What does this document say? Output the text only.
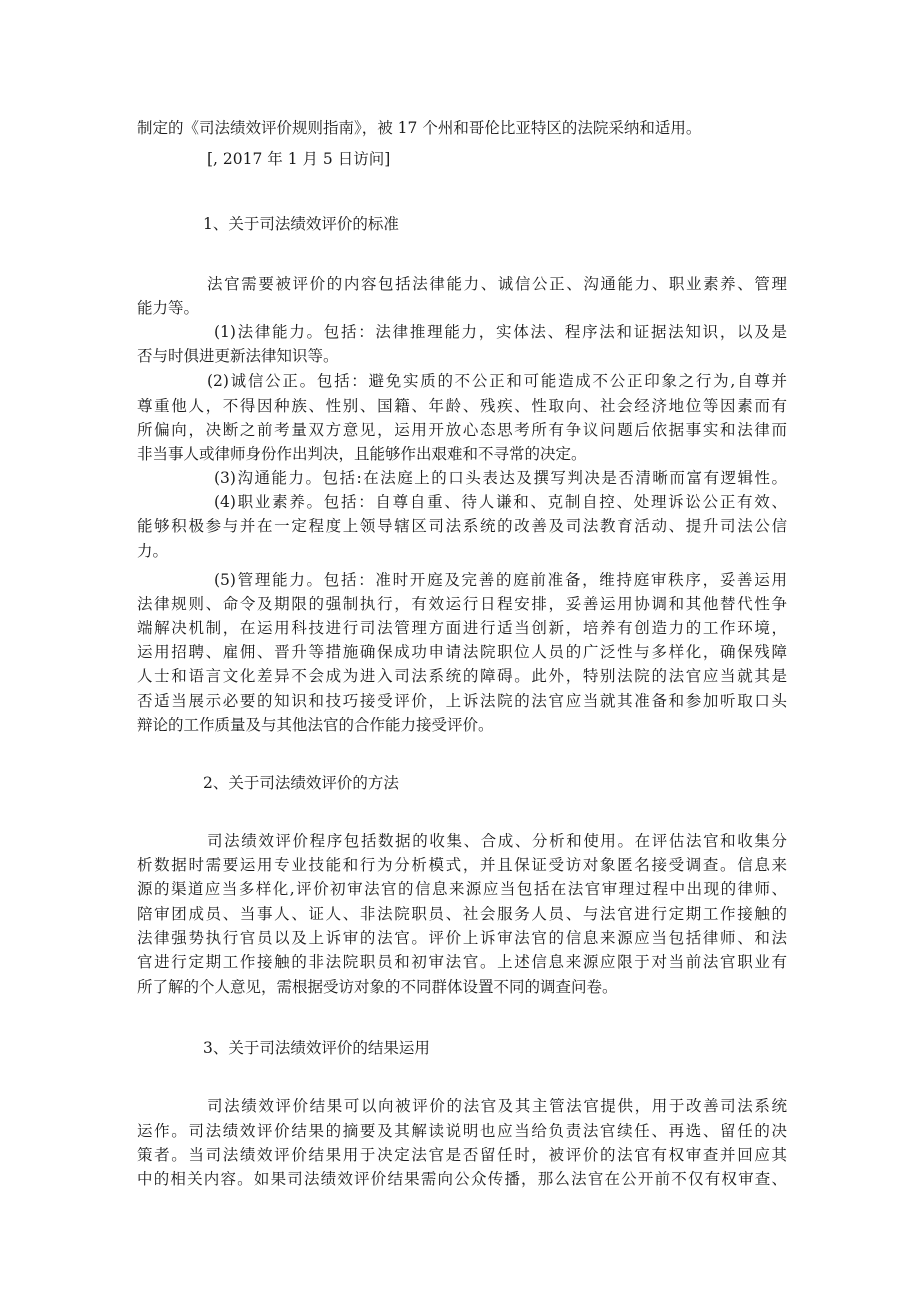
制定的《司法绩效评价规则指南》，被 17 个州和哥伦比亚特区的法院采纳和适用。
[, 2017 年 1 月 5 日访问]
1、关于司法绩效评价的标准
法官需要被评价的内容包括法律能力、诚信公正、沟通能力、职业素养、管理
能力等。
(1)法律能力。包括：法律推理能力，实体法、程序法和证据法知识，以及是
否与时俱进更新法律知识等。
(2)诚信公正。包括：避免实质的不公正和可能造成不公正印象之行为,自尊并
尊重他人，不得因种族、性别、国籍、年龄、残疾、性取向、社会经济地位等因素而有
所偏向，决断之前考量双方意见，运用开放心态思考所有争议问题后依据事实和法律而
非当事人或律师身份作出判决，且能够作出艰难和不寻常的决定。
(3)沟通能力。包括:在法庭上的口头表达及撰写判决是否清晰而富有逻辑性。
(4)职业素养。包括：自尊自重、待人谦和、克制自控、处理诉讼公正有效、
能够积极参与并在一定程度上领导辖区司法系统的改善及司法教育活动、提升司法公信
力。
(5)管理能力。包括：准时开庭及完善的庭前准备，维持庭审秩序，妥善运用
法律规则、命令及期限的强制执行，有效运行日程安排，妥善运用协调和其他替代性争
端解决机制，在运用科技进行司法管理方面进行适当创新，培养有创造力的工作环境，
运用招聘、雇佣、晋升等措施确保成功申请法院职位人员的广泛性与多样化，确保残障
人士和语言文化差异不会成为进入司法系统的障碍。此外，特别法院的法官应当就其是
否适当展示必要的知识和技巧接受评价，上诉法院的法官应当就其准备和参加听取口头
辩论的工作质量及与其他法官的合作能力接受评价。
2、关于司法绩效评价的方法
司法绩效评价程序包括数据的收集、合成、分析和使用。在评估法官和收集分
析数据时需要运用专业技能和行为分析模式，并且保证受访对象匿名接受调查。信息来
源的渠道应当多样化,评价初审法官的信息来源应当包括在法官审理过程中出现的律师、
陪审团成员、当事人、证人、非法院职员、社会服务人员、与法官进行定期工作接触的
法律强势执行官员以及上诉审的法官。评价上诉审法官的信息来源应当包括律师、和法
官进行定期工作接触的非法院职员和初审法官。上述信息来源应限于对当前法官职业有
所了解的个人意见，需根据受访对象的不同群体设置不同的调查问卷。
3、关于司法绩效评价的结果运用
司法绩效评价结果可以向被评价的法官及其主管法官提供，用于改善司法系统
运作。司法绩效评价结果的摘要及其解读说明也应当给负责法官续任、再选、留任的决
策者。当司法绩效评价结果用于决定法官是否留任时，被评价的法官有权审查并回应其
中的相关内容。如果司法绩效评价结果需向公众传播，那么法官在公开前不仅有权审查、
